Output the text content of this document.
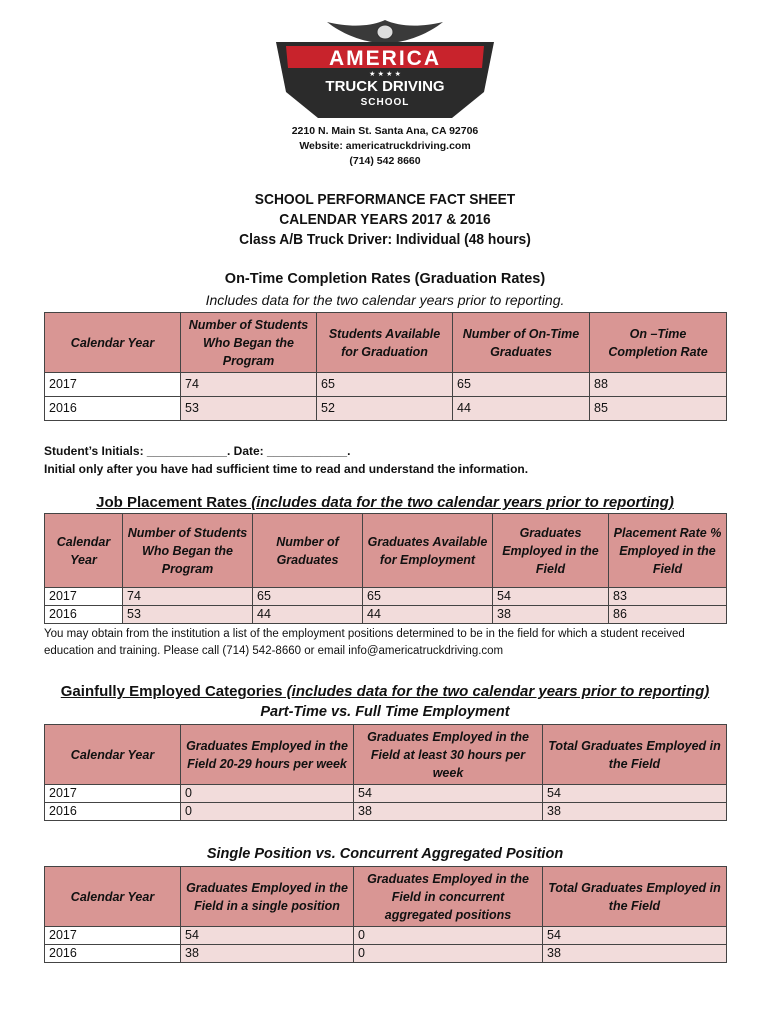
AMERICA
★ ★ ★ ★
TRUCK DRIVING
SCHOOL
2210 N. Main St. Santa Ana, CA 92706
Website: americatruckdriving.com
(714) 542 8660
SCHOOL PERFORMANCE FACT SHEET
CALENDAR YEARS 2017 & 2016
Class A/B Truck Driver: Individual (48 hours)
On-Time Completion Rates (Graduation Rates)
Includes data for the two calendar years prior to reporting.
Calendar Year	Number of Students Who Began the Program	Students Available for Graduation	Number of On-Time Graduates	On –Time Completion Rate
2017	74	65	65	88
2016	53	52	44	85
Student’s Initials: ____________. Date: ____________.
Initial only after you have had sufficient time to read and understand the information.
Job Placement Rates (includes data for the two calendar years prior to reporting)
Calendar Year	Number of Students Who Began the Program	Number of Graduates	Graduates Available for Employment	Graduates Employed in the Field	Placement Rate % Employed in the Field
2017	74	65	65	54	83
2016	53	44	44	38	86
You may obtain from the institution a list of the employment positions determined to be in the field for which a student received education and training. Please call (714) 542-8660 or email info@americatruckdriving.com
Gainfully Employed Categories (includes data for the two calendar years prior to reporting)
Part-Time vs. Full Time Employment
Calendar Year	Graduates Employed in the Field 20-29 hours per week	Graduates Employed in the Field at least 30 hours per week	Total Graduates Employed in the Field
2017	0	54	54
2016	0	38	38
Single Position vs. Concurrent Aggregated Position
Calendar Year	Graduates Employed in the Field in a single position	Graduates Employed in the Field in concurrent aggregated positions	Total Graduates Employed in the Field
2017	54	0	54
2016	38	0	38
